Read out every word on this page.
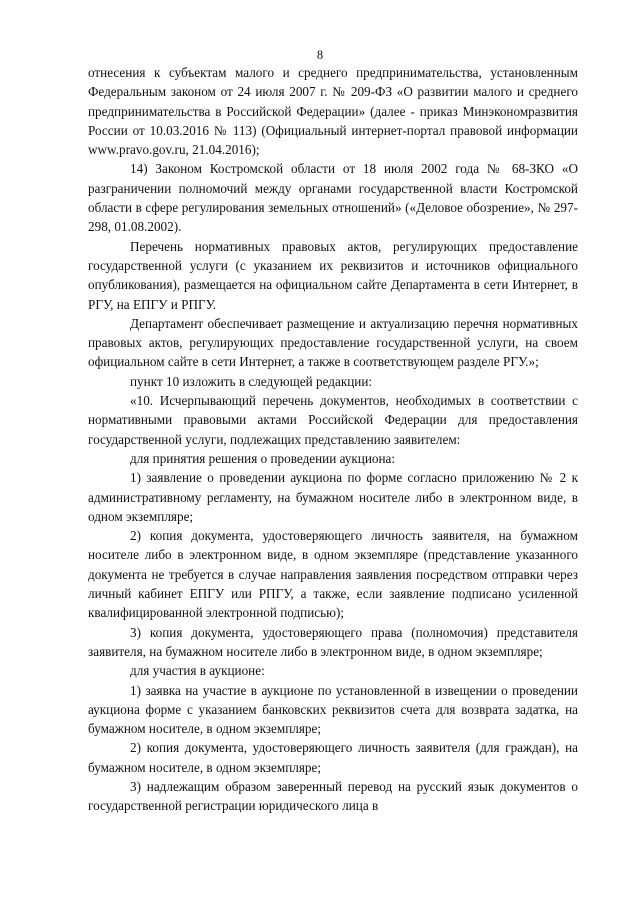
8

отнесения к субъектам малого и среднего предпринимательства, установленным Федеральным законом от 24 июля 2007 г. № 209-ФЗ «О развитии малого и среднего предпринимательства в Российской Федерации» (далее - приказ Минэкономразвития России от 10.03.2016 № 113) (Официальный интернет-портал правовой информации www.pravo.gov.ru, 21.04.2016);

14) Законом Костромской области от 18 июля 2002 года № 68-ЗКО «О разграничении полномочий между органами государственной власти Костромской области в сфере регулирования земельных отношений» («Деловое обозрение», № 297-298, 01.08.2002).

Перечень нормативных правовых актов, регулирующих предоставление государственной услуги (с указанием их реквизитов и источников официального опубликования), размещается на официальном сайте Департамента в сети Интернет, в РГУ, на ЕПГУ и РПГУ.

Департамент обеспечивает размещение и актуализацию перечня нормативных правовых актов, регулирующих предоставление государственной услуги, на своем официальном сайте в сети Интернет, а также в соответствующем разделе РГУ.»;

пункт 10 изложить в следующей редакции:

«10. Исчерпывающий перечень документов, необходимых в соответствии с нормативными правовыми актами Российской Федерации для предоставления государственной услуги, подлежащих представлению заявителем:

для принятия решения о проведении аукциона:

1) заявление о проведении аукциона по форме согласно приложению № 2 к административному регламенту, на бумажном носителе либо в электронном виде, в одном экземпляре;

2) копия документа, удостоверяющего личность заявителя, на бумажном носителе либо в электронном виде, в одном экземпляре (представление указанного документа не требуется в случае направления заявления посредством отправки через личный кабинет ЕПГУ или РПГУ, а также, если заявление подписано усиленной квалифицированной электронной подписью);

3) копия документа, удостоверяющего права (полномочия) представителя заявителя, на бумажном носителе либо в электронном виде, в одном экземпляре;

для участия в аукционе:

1) заявка на участие в аукционе по установленной в извещении о проведении аукциона форме с указанием банковских реквизитов счета для возврата задатка, на бумажном носителе, в одном экземпляре;

2) копия документа, удостоверяющего личность заявителя (для граждан), на бумажном носителе, в одном экземпляре;

3) надлежащим образом заверенный перевод на русский язык документов о государственной регистрации юридического лица в
